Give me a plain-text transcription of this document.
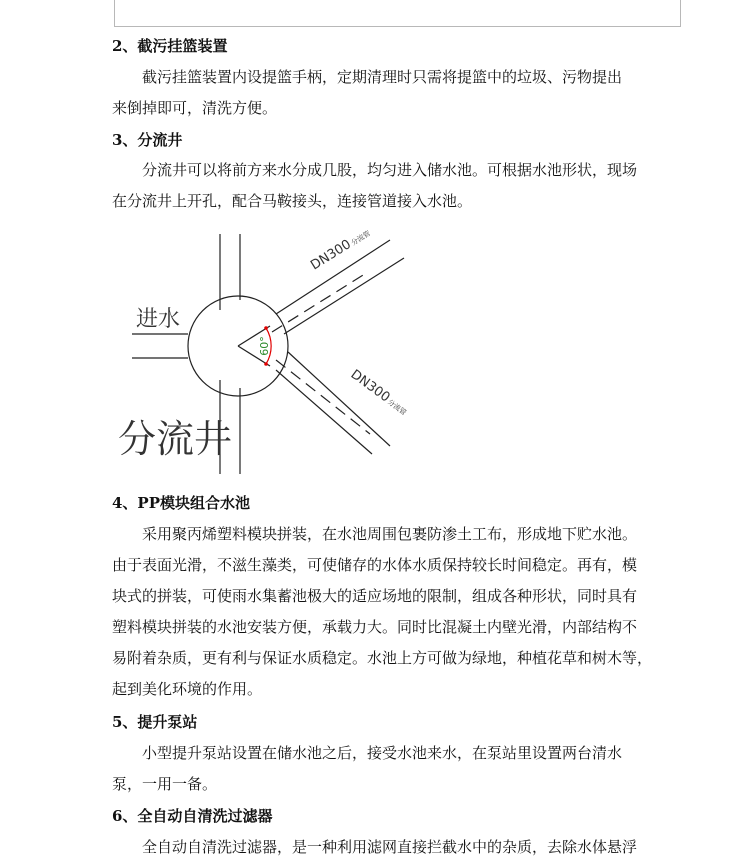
2、截污挂篮装置
截污挂篮装置内设提篮手柄，定期清理时只需将提篮中的垃圾、污物提出
来倒掉即可，清洗方便。
3、分流井
分流井可以将前方来水分成几股，均匀进入储水池。可根据水池形状，现场
在分流井上开孔，配合马鞍接头，连接管道接入水池。
60°
进水
分流井
DN300
分流管
DN300
分流管
4、PP模块组合水池
采用聚丙烯塑料模块拼装，在水池周围包裹防渗土工布，形成地下贮水池。
由于表面光滑，不滋生藻类，可使储存的水体水质保持较长时间稳定。再有，模
块式的拼装，可使雨水集蓄池极大的适应场地的限制，组成各种形状，同时具有
塑料模块拼装的水池安装方便，承载力大。同时比混凝土内壁光滑，内部结构不
易附着杂质，更有利与保证水质稳定。水池上方可做为绿地，种植花草和树木等，
起到美化环境的作用。
5、提升泵站
小型提升泵站设置在储水池之后，接受水池来水，在泵站里设置两台清水
泵，一用一备。
6、全自动自清洗过滤器
全自动自清洗过滤器，是一种利用滤网直接拦截水中的杂质，去除水体悬浮
